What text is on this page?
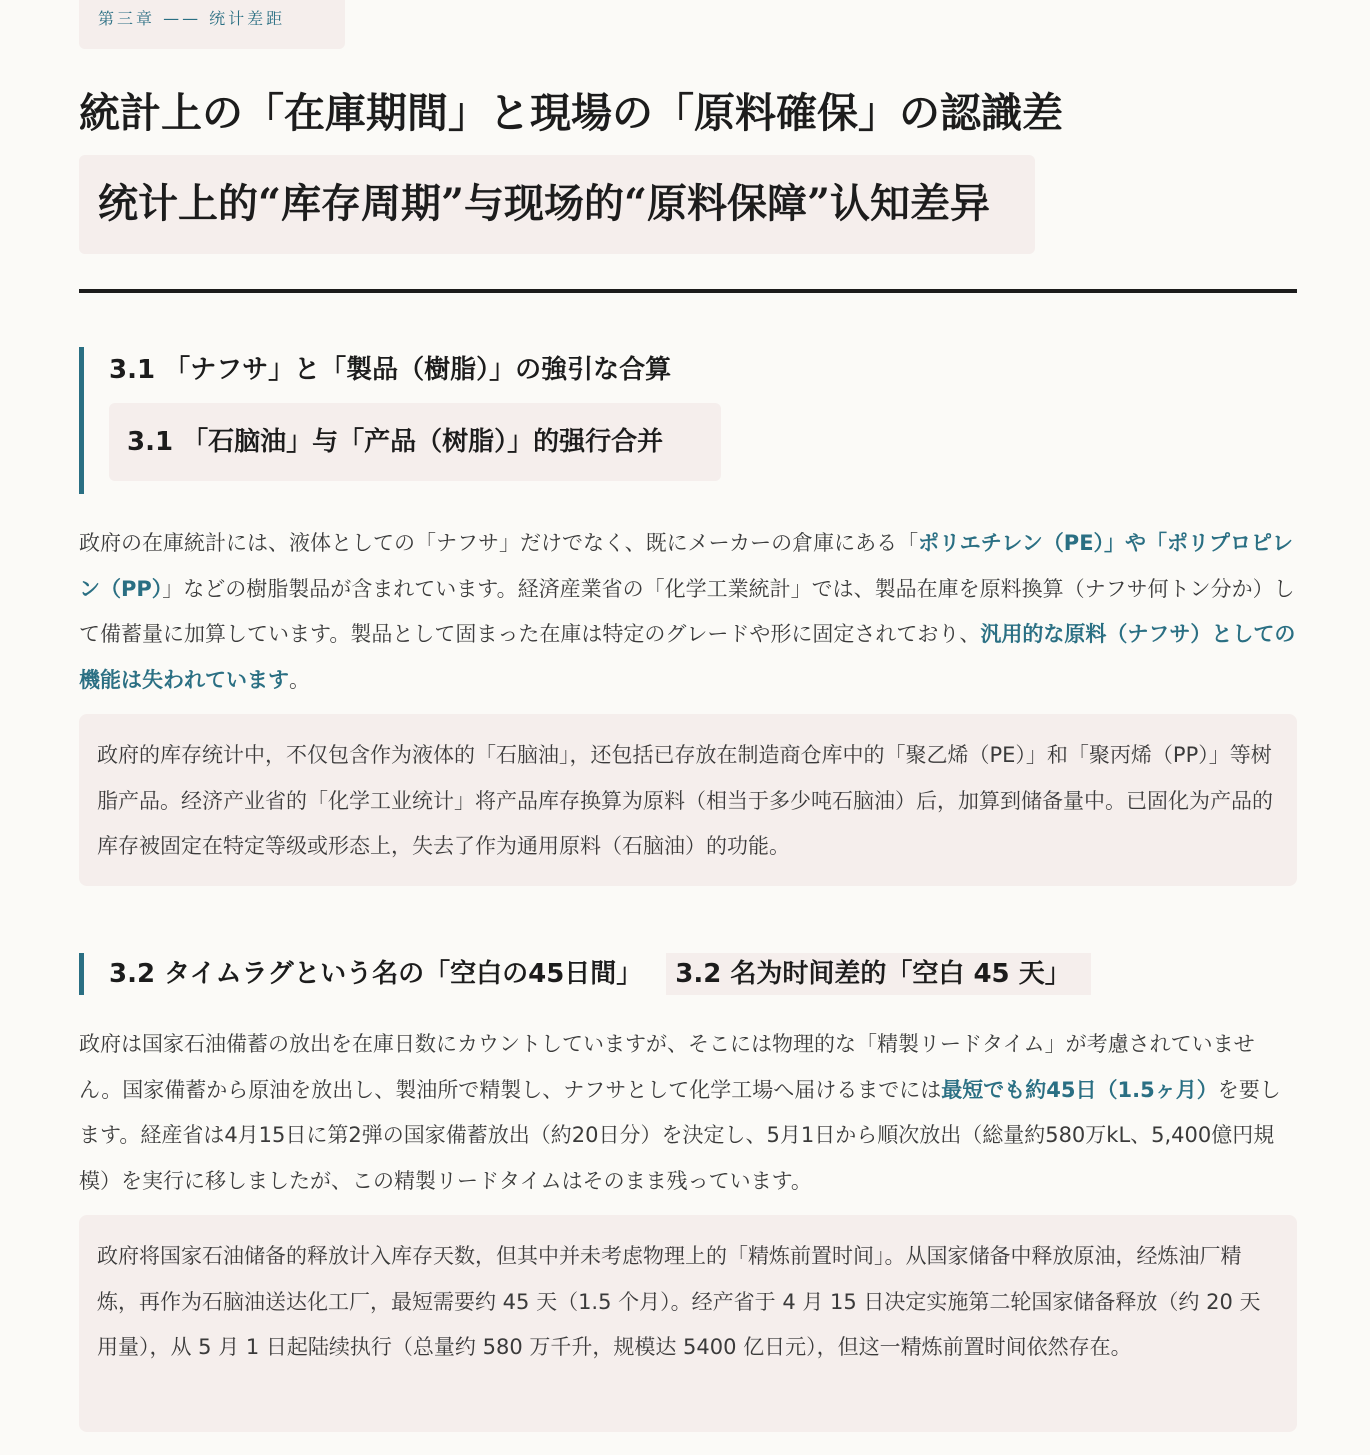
第三章 —— 统计差距
統計上の「在庫期間」と現場の「原料確保」の認識差
统计上的“库存周期”与现场的“原料保障”认知差异
3.1 「ナフサ」と「製品（樹脂）」の強引な合算
3.1 「石脑油」与「产品（树脂）」的强行合并

政府の在庫統計には、液体としての「ナフサ」だけでなく、既にメーカーの倉庫にある「ポリエチレン（PE）」や「ポリプロピレン（PP）」などの樹脂製品が含まれています。経済産業省の「化学工業統計」では、製品在庫を原料換算（ナフサ何トン分か）して備蓄量に加算しています。製品として固まった在庫は特定のグレードや形に固定されており、汎用的な原料（ナフサ）としての機能は失われています。

政府的库存统计中，不仅包含作为液体的「石脑油」，还包括已存放在制造商仓库中的「聚乙烯（PE）」和「聚丙烯（PP）」等树脂产品。经济产业省的「化学工业统计」将产品库存换算为原料（相当于多少吨石脑油）后，加算到储备量中。已固化为产品的库存被固定在特定等级或形态上，失去了作为通用原料（石脑油）的功能。
3.2 タイムラグという名の「空白の45日間」 3.2 名为时间差的「空白 45 天」

政府は国家石油備蓄の放出を在庫日数にカウントしていますが、そこには物理的な「精製リードタイム」が考慮されていません。国家備蓄から原油を放出し、製油所で精製し、ナフサとして化学工場へ届けるまでには最短でも約45日（1.5ヶ月）を要します。経産省は4月15日に第2弾の国家備蓄放出（約20日分）を決定し、5月1日から順次放出（総量約580万kL、5,400億円規模）を実行に移しましたが、この精製リードタイムはそのまま残っています。

政府将国家石油储备的释放计入库存天数，但其中并未考虑物理上的「精炼前置时间」。从国家储备中释放原油，经炼油厂精炼，再作为石脑油送达化工厂，最短需要约 45 天（1.5 个月）。经产省于 4 月 15 日决定实施第二轮国家储备释放（约 20 天用量），从 5 月 1 日起陆续执行（总量约 580 万千升，规模达 5400 亿日元），但这一精炼前置时间依然存在。
